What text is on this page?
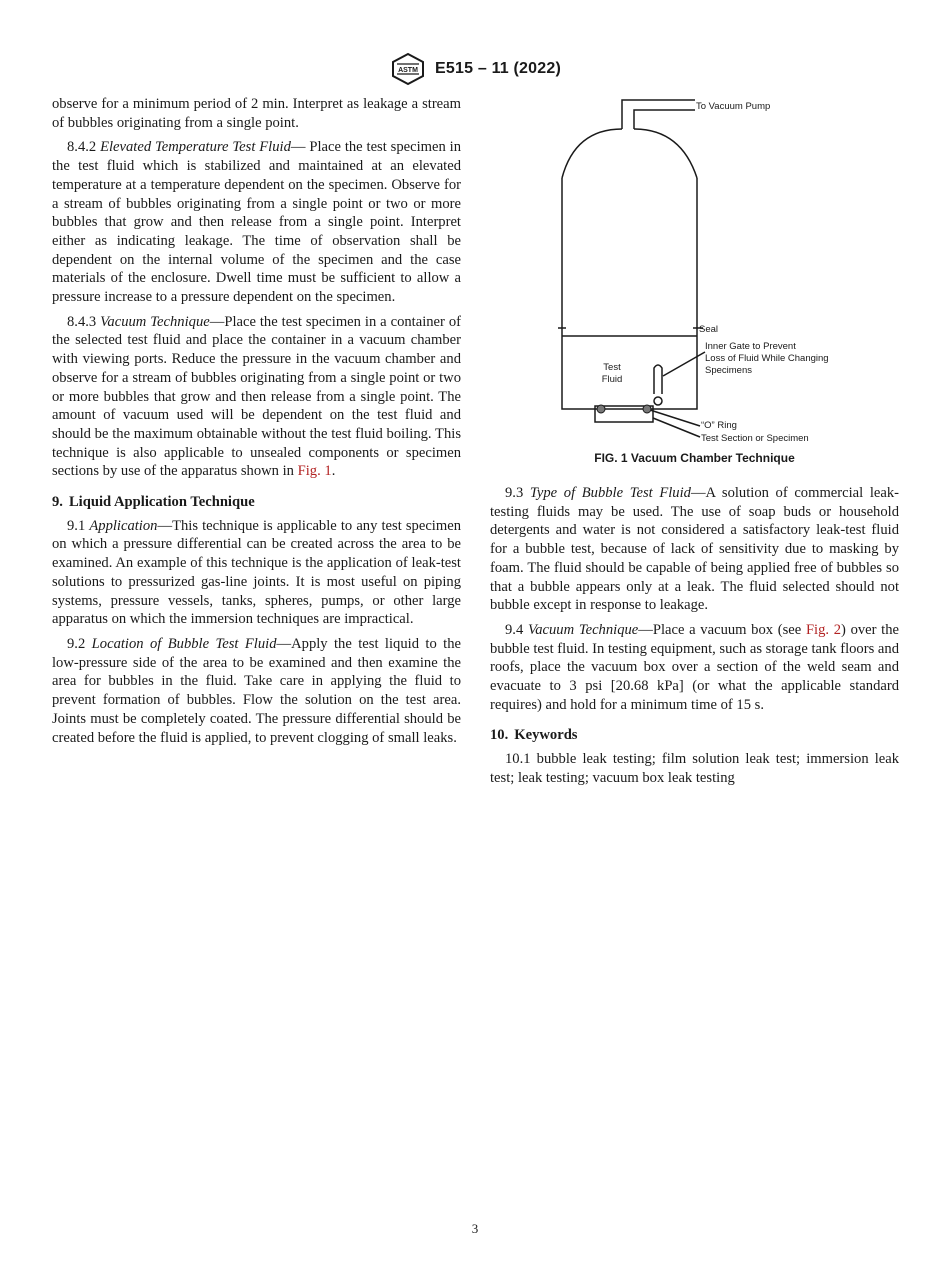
ASTM E515 – 11 (2022)

observe for a minimum period of 2 min. Interpret as leakage a stream of bubbles originating from a single point.

8.4.2 Elevated Temperature Test Fluid— Place the test specimen in the test fluid which is stabilized and maintained at an elevated temperature at a temperature dependent on the specimen. Observe for a stream of bubbles originating from a single point or two or more bubbles that grow and then release from a single point. Interpret either as indicating leakage. The time of observation shall be dependent on the internal volume of the specimen and the case materials of the enclosure. Dwell time must be sufficient to allow a pressure increase to a pressure dependent on the specimen.

8.4.3 Vacuum Technique—Place the test specimen in a container of the selected test fluid and place the container in a vacuum chamber with viewing ports. Reduce the pressure in the vacuum chamber and observe for a stream of bubbles originating from a single point or two or more bubbles that grow and then release from a single point. The amount of vacuum used will be dependent on the test fluid and should be the maximum obtainable without the test fluid boiling. This technique is also applicable to unsealed components or specimen sections by use of the apparatus shown in Fig. 1.

9. Liquid Application Technique

9.1 Application—This technique is applicable to any test specimen on which a pressure differential can be created across the area to be examined. An example of this technique is the application of leak-test solutions to pressurized gas-line joints. It is most useful on piping systems, pressure vessels, tanks, spheres, pumps, or other large apparatus on which the immersion techniques are impractical.

9.2 Location of Bubble Test Fluid—Apply the test liquid to the low-pressure side of the area to be examined and then examine the area for bubbles in the fluid. Take care in applying the fluid to prevent formation of bubbles. Flow the solution on the test area. Joints must be completely coated. The pressure differential should be created before the fluid is applied, to prevent clogging of small leaks.

To Vacuum Pump
Seal
Inner Gate to Prevent
Loss of Fluid While Changing
Specimens
Test
Fluid
“O” Ring
Test Section or Specimen
FIG. 1 Vacuum Chamber Technique

9.3 Type of Bubble Test Fluid—A solution of commercial leak-testing fluids may be used. The use of soap buds or household detergents and water is not considered a satisfactory leak-test fluid for a bubble test, because of lack of sensitivity due to masking by foam. The fluid should be capable of being applied free of bubbles so that a bubble appears only at a leak. The fluid selected should not bubble except in response to leakage.

9.4 Vacuum Technique—Place a vacuum box (see Fig. 2) over the bubble test fluid. In testing equipment, such as storage tank floors and roofs, place the vacuum box over a section of the weld seam and evacuate to 3 psi [20.68 kPa] (or what the applicable standard requires) and hold for a minimum time of 15 s.

10. Keywords

10.1 bubble leak testing; film solution leak test; immersion leak test; leak testing; vacuum box leak testing

3
